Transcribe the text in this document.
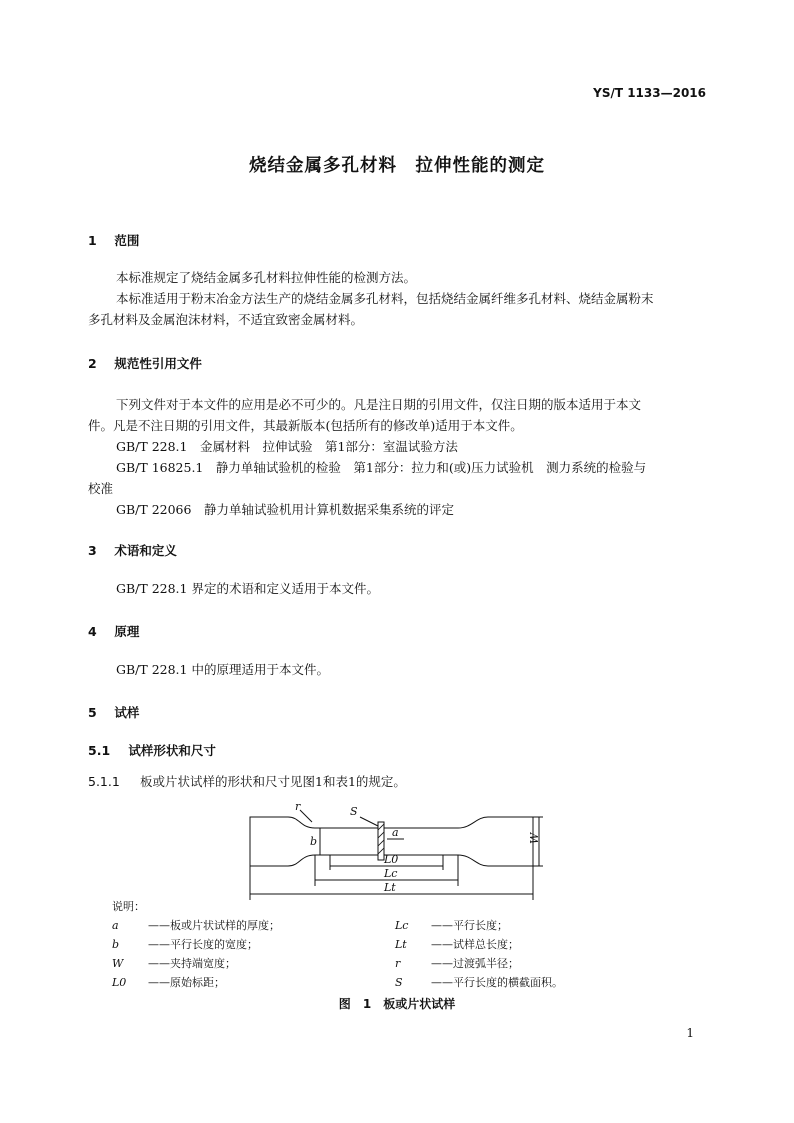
YS/T 1133—2016
烧结金属多孔材料　拉伸性能的测定
1 范围
本标准规定了烧结金属多孔材料拉伸性能的检测方法。
本标准适用于粉末冶金方法生产的烧结金属多孔材料，包括烧结金属纤维多孔材料、烧结金属粉末
多孔材料及金属泡沫材料，不适宜致密金属材料。
2 规范性引用文件
下列文件对于本文件的应用是必不可少的。凡是注日期的引用文件，仅注日期的版本适用于本文
件。凡是不注日期的引用文件，其最新版本(包括所有的修改单)适用于本文件。
GB/T 228.1　金属材料　拉伸试验　第1部分：室温试验方法
GB/T 16825.1　静力单轴试验机的检验　第1部分：拉力和(或)压力试验机　测力系统的检验与
校准
GB/T 22066　静力单轴试验机用计算机数据采集系统的评定
3 术语和定义
GB/T 228.1 界定的术语和定义适用于本文件。
4 原理
GB/T 228.1 中的原理适用于本文件。
5 试样
5.1 试样形状和尺寸
5.1.1 板或片状试样的形状和尺寸见图1和表1的规定。
r	S
a
b	W
L0
Lc
Lt
说明：
a	——板或片状试样的厚度；	Lc ——平行长度；
b	——平行长度的宽度；	Lt ——试样总长度；
W ——夹持端宽度；	r	——过渡弧半径；
L0 ——原始标距；	S	——平行长度的横截面积。
图 1　板或片状试样
1
